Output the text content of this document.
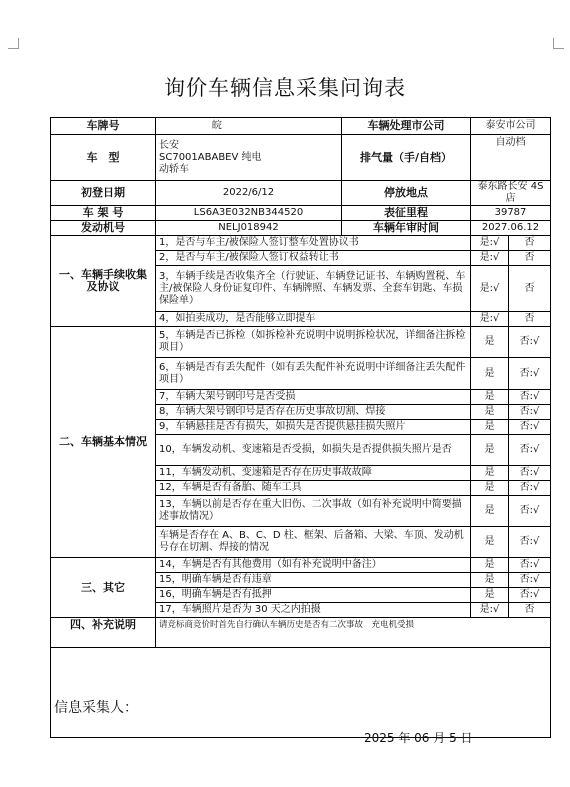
询价车辆信息采集问询表
车牌号	皖	车辆处理市公司	泰安市公司	
车　型	长安
SC7001ABABEV 纯电
动轿车	排气量（手/自档）	自动档	
初登日期	2022/6/12	停放地点	泰东路长安 4S 店	
车 架 号	LS6A3E032NB344520	表征里程	39787	
发动机号	NELJ018942	车辆年审时间	2027.06.12	
一、车辆手续收集及协议	1，是否与车主/被保险人签订整车处置协议书		是:√	否
	2，是否与车主/被保险人签订权益转让书		是:√	否
	3，车辆手续是否收集齐全（行驶证、车辆登记证书、车辆购置税、车主/被保险人身份证复印件、车辆牌照、车辆发票、全套车钥匙、车损保险单）		是:√	否
	4，如拍卖成功，是否能够立即提车		是:√	否
二、车辆基本情况	5，车辆是否已拆检（如拆检补充说明中说明拆检状况，详细备注拆检项目）		是	否:√
	6，车辆是否有丢失配件（如有丢失配件补充说明中详细备注丢失配件项目）		是	否:√
	7，车辆大架号钢印号是否受损		是	否:√
	8，车辆大架号钢印号是否存在历史事故切割、焊接		是	否:√
	9，车辆悬挂是否有损失，如损失是否提供悬挂损失照片		是	否:√
	10，车辆发动机、变速箱是否受损，如损失是否提供损失照片是否		是	否:√
	11，车辆发动机、变速箱是否存在历史事故故障		是	否:√
	12，车辆是否有备胎、随车工具		是	否:√
	13，车辆以前是否存在重大旧伤、二次事故（如有补充说明中简要描述事故情况）		是	否:√
	车辆是否存在 A、B、C、D 柱、框架、后备箱、大梁、车顶、发动机号存在切割、焊接的情况		是	否:√
三、其它	14，车辆是否有其他费用（如有补充说明中备注）		是	否:√
	15，明确车辆是否有违章		是	否:√
	16，明确车辆是否有抵押		是	否:√
	17，车辆照片是否为 30 天之内拍摄		是:√	否
四、补充说明	请竞标商竞价时首先自行确认车辆历史是否有二次事故　充电机受损			

信息采集人：
2025 年 06 月 5 日
